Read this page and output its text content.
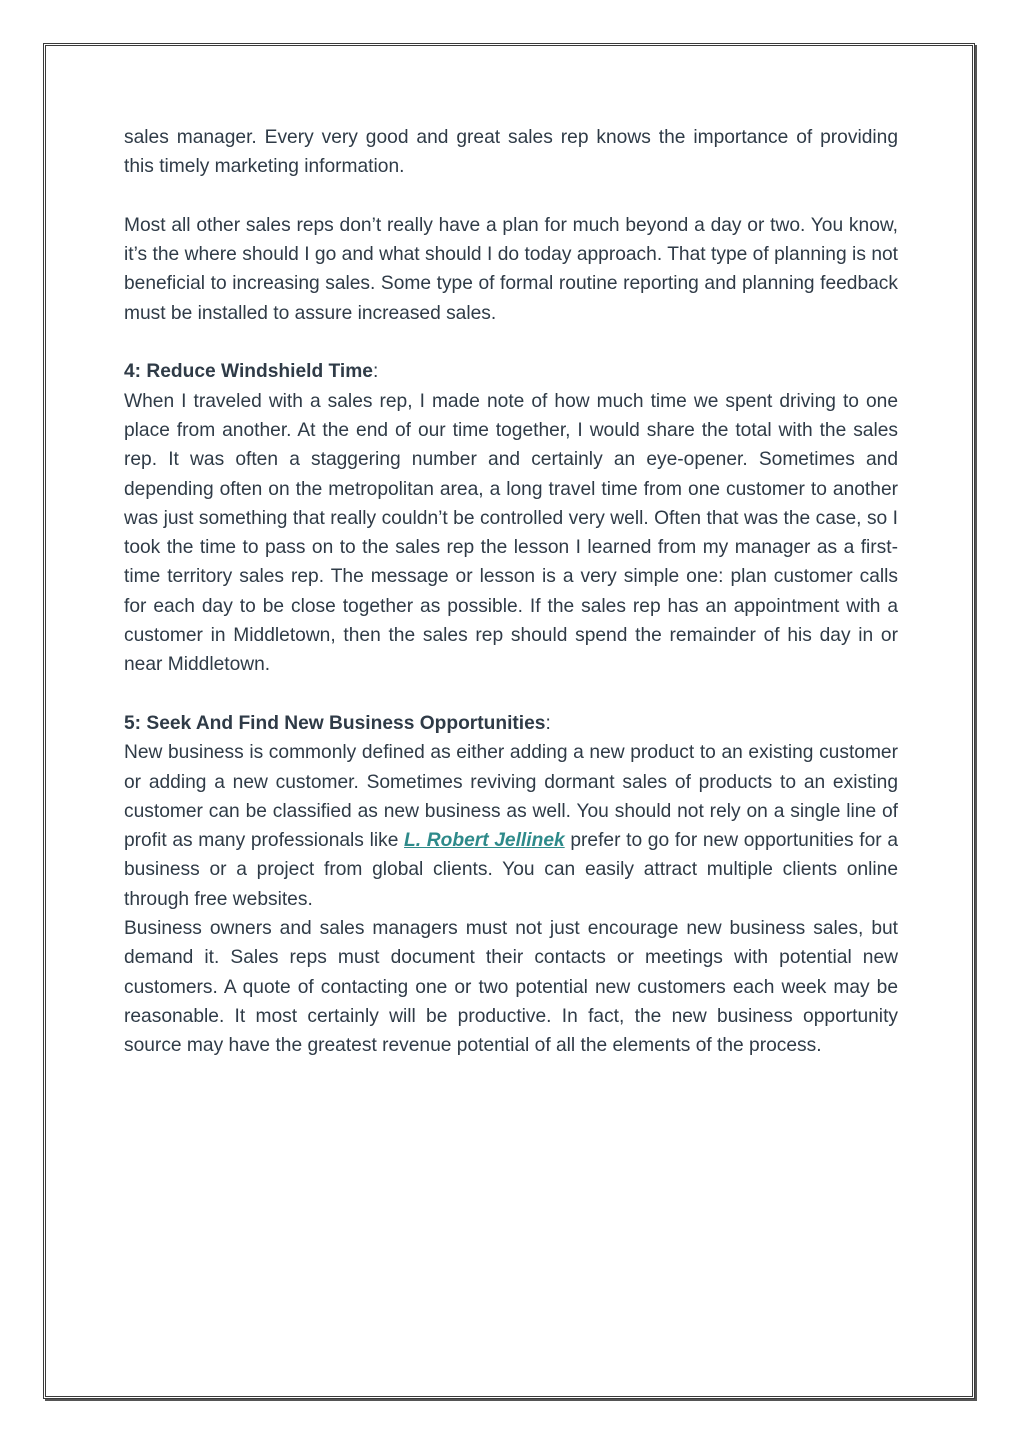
sales manager. Every very good and great sales rep knows the importance of providing this timely marketing information.

Most all other sales reps don’t really have a plan for much beyond a day or two. You know, it’s the where should I go and what should I do today approach. That type of planning is not beneficial to increasing sales. Some type of formal routine reporting and planning feedback must be installed to assure increased sales.

4: Reduce Windshield Time:

When I traveled with a sales rep, I made note of how much time we spent driving to one place from another. At the end of our time together, I would share the total with the sales rep. It was often a staggering number and certainly an eye-opener. Sometimes and depending often on the metropolitan area, a long travel time from one customer to another was just something that really couldn’t be controlled very well. Often that was the case, so I took the time to pass on to the sales rep the lesson I learned from my manager as a first-time territory sales rep. The message or lesson is a very simple one: plan customer calls for each day to be close together as possible. If the sales rep has an appointment with a customer in Middletown, then the sales rep should spend the remainder of his day in or near Middletown.

5: Seek And Find New Business Opportunities:

New business is commonly defined as either adding a new product to an existing customer or adding a new customer. Sometimes reviving dormant sales of products to an existing customer can be classified as new business as well. You should not rely on a single line of profit as many professionals like L. Robert Jellinek prefer to go for new opportunities for a business or a project from global clients. You can easily attract multiple clients online through free websites.

Business owners and sales managers must not just encourage new business sales, but demand it. Sales reps must document their contacts or meetings with potential new customers. A quote of contacting one or two potential new customers each week may be reasonable. It most certainly will be productive. In fact, the new business opportunity source may have the greatest revenue potential of all the elements of the process.
